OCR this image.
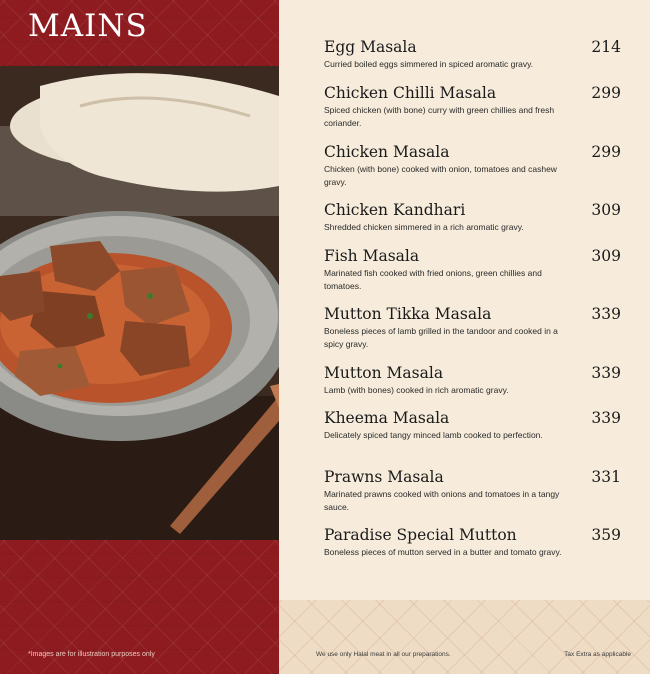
MAINS
*Images are for illustration purposes only
Egg Masala	214
Curried boiled eggs simmered in spiced aromatic gravy.
Chicken Chilli Masala	299
Spiced chicken (with bone) curry with green chillies and fresh coriander.
Chicken Masala	299
Chicken (with bone) cooked with onion, tomatoes and cashew gravy.
Chicken Kandhari	309
Shredded chicken simmered in a rich aromatic gravy.
Fish Masala	309
Marinated fish cooked with fried onions, green chillies and tomatoes.
Mutton Tikka Masala	339
Boneless pieces of lamb grilled in the tandoor and cooked in a spicy gravy.
Mutton Masala	339
Lamb (with bones) cooked in rich aromatic gravy.
Kheema Masala	339
Delicately spiced tangy minced lamb cooked to perfection.
Prawns Masala	331
Marinated prawns cooked with onions and tomatoes in a tangy sauce.
Paradise Special Mutton	359
Boneless pieces of mutton served in a butter and tomato gravy.
We use only Halal meat in all our preparations.	Tax Extra as applicable
